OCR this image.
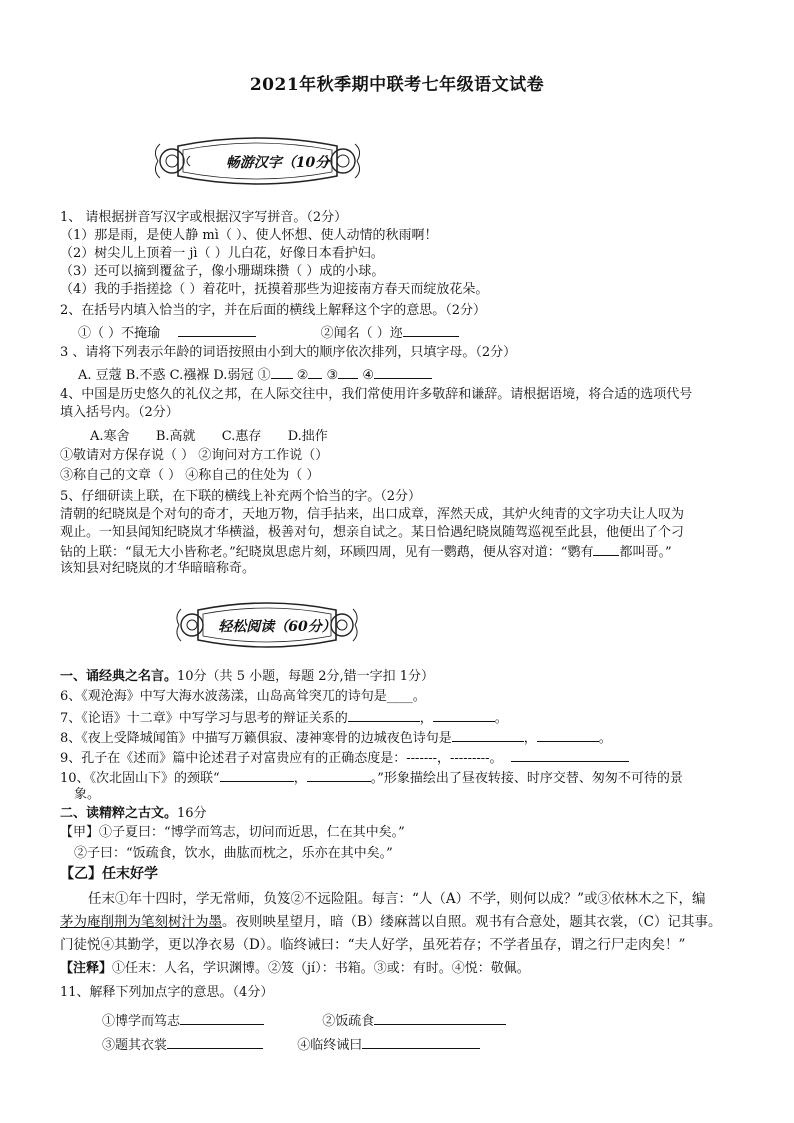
2021年秋季期中联考七年级语文试卷
畅游汉字（10分
1、 请根据拼音写汉字或根据汉字写拼音。（2分）
（1）那是雨，是使人静 mì（ ）、使人怀想、使人动情的秋雨啊！
（2）树尖儿上顶着一 jì（ ）儿白花，好像日本看护妇。
（3）还可以摘到覆盆子，像小珊瑚珠攒（ ）成的小球。
（4）我的手指搓捻（ ）着花叶，抚摸着那些为迎接南方春天而绽放花朵。
2、在括号内填入恰当的字，并在后面的横线上解释这个字的意思。（2分）
①（ ）不掩瑜	②闻名（ ）迩
3 、请将下列表示年龄的词语按照由小到大的顺序依次排列，只填字母。（2分）
A. 豆蔻 B.不惑 C.襁褓 D.弱冠 ① ② ③ ④
4、中国是历史悠久的礼仪之邦，在人际交往中，我们常使用许多敬辞和谦辞。请根据语境，将合适的选项代号
填入括号内。（2分）
A.寒舍 B.高就 C.惠存 D.拙作
①敬请对方保存说（ ） ②询问对方工作说（）
③称自己的文章（ ） ④称自己的住处为（ ）
5、仔细研读上联，在下联的横线上补充两个恰当的字。（2分）
清朝的纪晓岚是个对句的奇才，天地万物，信手拈来，出口成章，浑然天成，其炉火纯青的文字功夫让人叹为
观止。一知县闻知纪晓岚才华横溢，极善对句，想亲自试之。某日恰遇纪晓岚随驾巡视至此县，他便出了个刁
钻的上联：“鼠无大小皆称老。”纪晓岚思虑片刻，环顾四周，见有一鹦鹉，便从容对道：“鹦有 都叫哥。”
该知县对纪晓岚的才华暗暗称奇。
轻松阅读（60分）
一、诵经典之名言。10分（共 5 小题，每题 2分,错一字扣 1分）
6、《观沧海》中写大海水波荡漾，山岛高耸突兀的诗句是____。
7、《论语》十二章》中写学习与思考的辩证关系的	，	。
8、《夜上受降城闻笛》中描写万籁俱寂、凄神寒骨的边城夜色诗句是	，	。
9、孔子在《述而》篇中论述君子对富贵应有的正确态度是：-------，---------。
10、《次北固山下》的颈联“	，	。”形象描绘出了昼夜转接、时序交替、匆匆不可待的景
象。
二、读精粹之古文。16分
【甲】①子夏曰：“博学而笃志，切问而近思，仁在其中矣。”
②子曰：“饭疏食，饮水，曲肱而枕之，乐亦在其中矣。”
【乙】任末好学
任末①年十四时，学无常师，负笈②不远险阻。每言：“人（A）不学，则何以成？”或③依林木之下，编
茅为庵削荆为笔刻树汁为墨。夜则映星望月，暗（B）缕麻蒿以自照。观书有合意处，题其衣裳，（C）记其事。
门徒悦④其勤学，更以净衣易（D）。临终诫曰：“夫人好学，虽死若存；不学者虽存，谓之行尸走肉矣！”
【注释】①任末：人名，学识渊博。②笈（jí）：书箱。③或：有时。④悦：敬佩。
11、解释下列加点字的意思。（4分）
①博学而笃志	②饭疏食
③题其衣裳	④临终诫曰
